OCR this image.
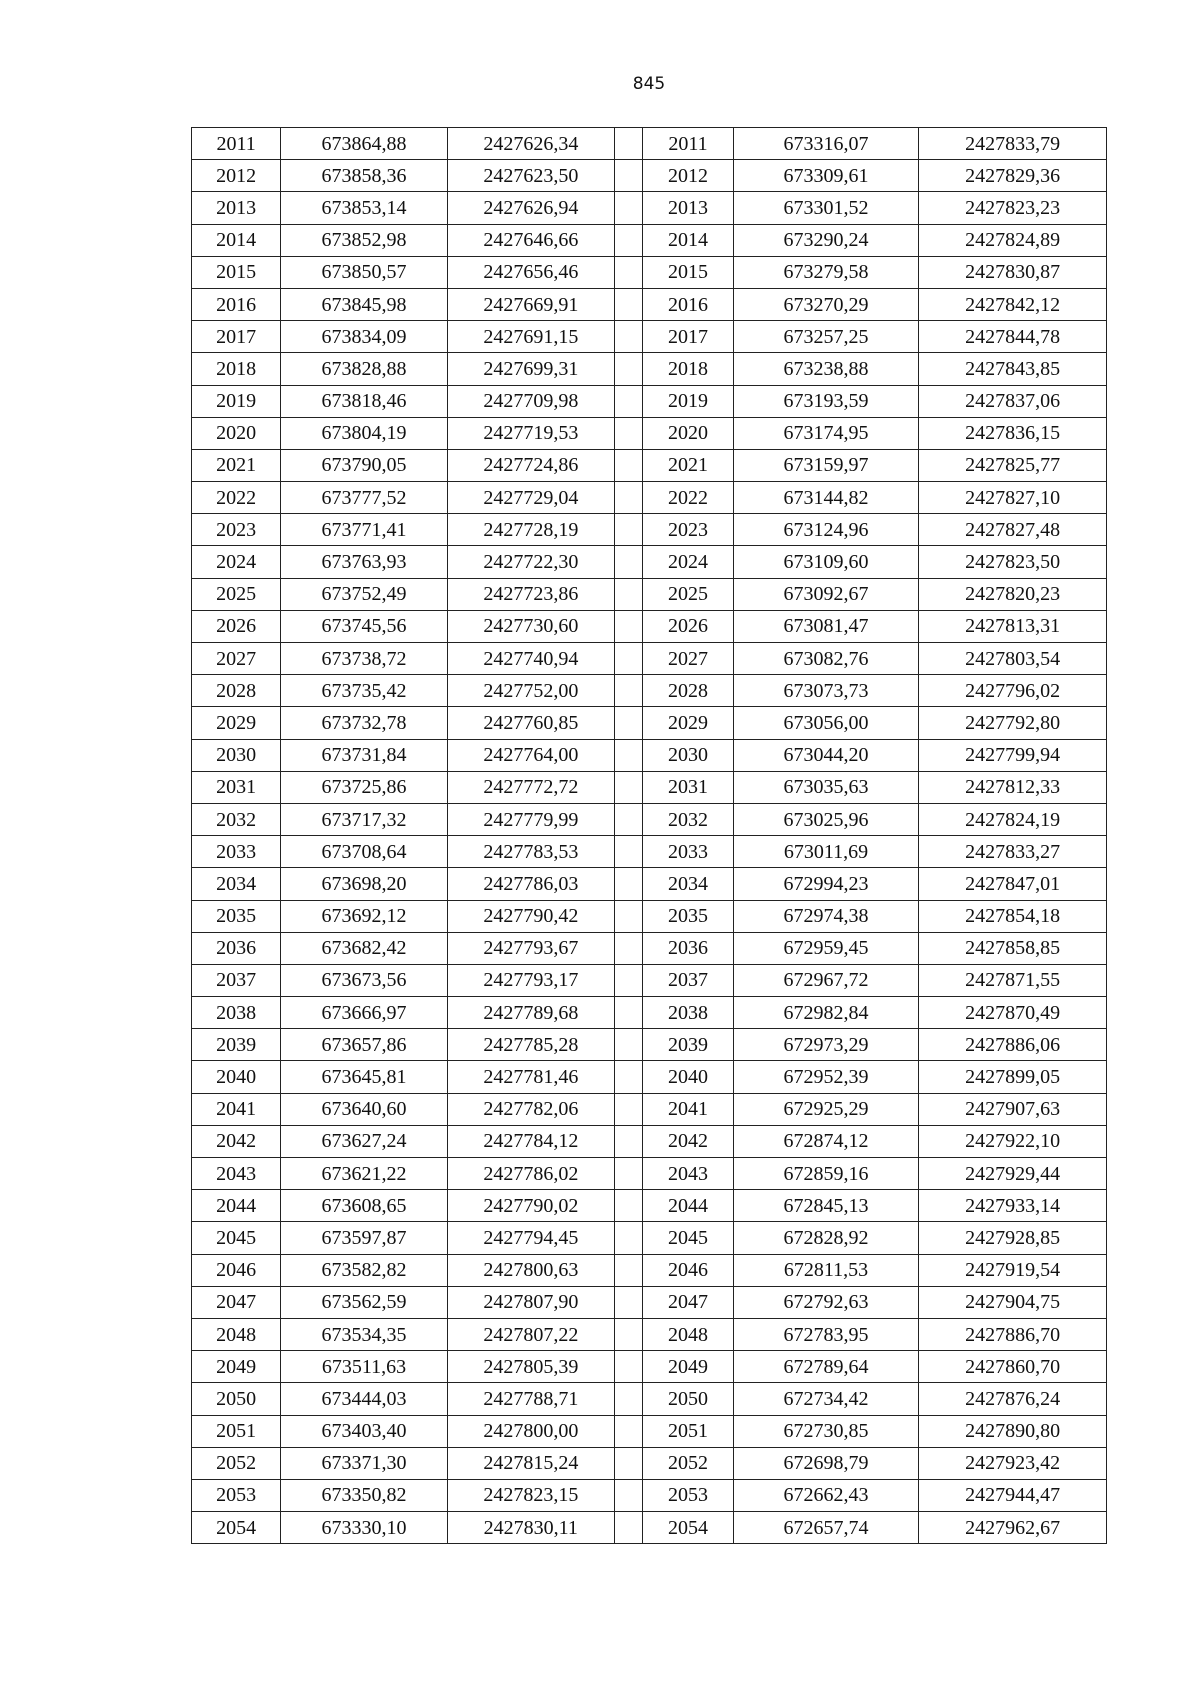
845
2011	673864,88	2427626,34		2011	673316,07	2427833,79
2012	673858,36	2427623,50		2012	673309,61	2427829,36
2013	673853,14	2427626,94		2013	673301,52	2427823,23
2014	673852,98	2427646,66		2014	673290,24	2427824,89
2015	673850,57	2427656,46		2015	673279,58	2427830,87
2016	673845,98	2427669,91		2016	673270,29	2427842,12
2017	673834,09	2427691,15		2017	673257,25	2427844,78
2018	673828,88	2427699,31		2018	673238,88	2427843,85
2019	673818,46	2427709,98		2019	673193,59	2427837,06
2020	673804,19	2427719,53		2020	673174,95	2427836,15
2021	673790,05	2427724,86		2021	673159,97	2427825,77
2022	673777,52	2427729,04		2022	673144,82	2427827,10
2023	673771,41	2427728,19		2023	673124,96	2427827,48
2024	673763,93	2427722,30		2024	673109,60	2427823,50
2025	673752,49	2427723,86		2025	673092,67	2427820,23
2026	673745,56	2427730,60		2026	673081,47	2427813,31
2027	673738,72	2427740,94		2027	673082,76	2427803,54
2028	673735,42	2427752,00		2028	673073,73	2427796,02
2029	673732,78	2427760,85		2029	673056,00	2427792,80
2030	673731,84	2427764,00		2030	673044,20	2427799,94
2031	673725,86	2427772,72		2031	673035,63	2427812,33
2032	673717,32	2427779,99		2032	673025,96	2427824,19
2033	673708,64	2427783,53		2033	673011,69	2427833,27
2034	673698,20	2427786,03		2034	672994,23	2427847,01
2035	673692,12	2427790,42		2035	672974,38	2427854,18
2036	673682,42	2427793,67		2036	672959,45	2427858,85
2037	673673,56	2427793,17		2037	672967,72	2427871,55
2038	673666,97	2427789,68		2038	672982,84	2427870,49
2039	673657,86	2427785,28		2039	672973,29	2427886,06
2040	673645,81	2427781,46		2040	672952,39	2427899,05
2041	673640,60	2427782,06		2041	672925,29	2427907,63
2042	673627,24	2427784,12		2042	672874,12	2427922,10
2043	673621,22	2427786,02		2043	672859,16	2427929,44
2044	673608,65	2427790,02		2044	672845,13	2427933,14
2045	673597,87	2427794,45		2045	672828,92	2427928,85
2046	673582,82	2427800,63		2046	672811,53	2427919,54
2047	673562,59	2427807,90		2047	672792,63	2427904,75
2048	673534,35	2427807,22		2048	672783,95	2427886,70
2049	673511,63	2427805,39		2049	672789,64	2427860,70
2050	673444,03	2427788,71		2050	672734,42	2427876,24
2051	673403,40	2427800,00		2051	672730,85	2427890,80
2052	673371,30	2427815,24		2052	672698,79	2427923,42
2053	673350,82	2427823,15		2053	672662,43	2427944,47
2054	673330,10	2427830,11		2054	672657,74	2427962,67
